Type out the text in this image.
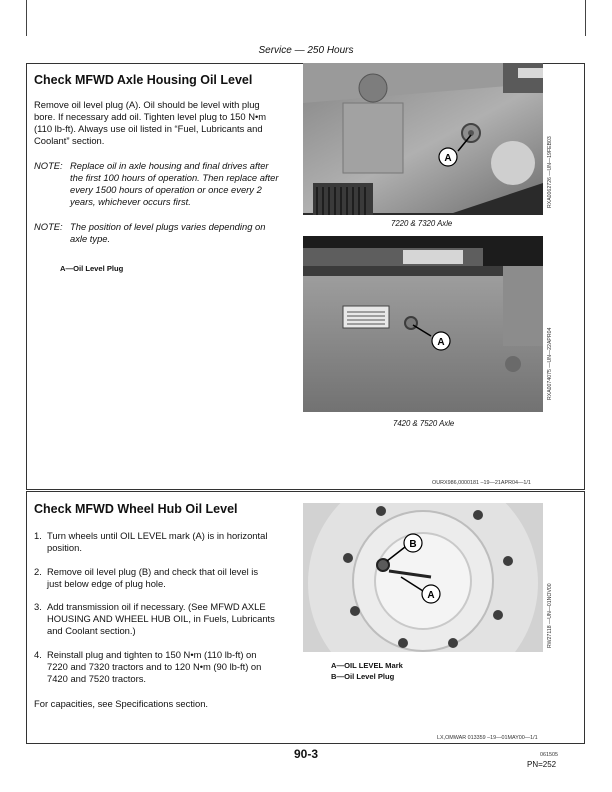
Service — 250 Hours
Check MFWD Axle Housing Oil Level
Remove oil level plug (A). Oil should be level with plug
bore. If necessary add oil. Tighten level plug to 150 N•m
(110 lb-ft). Always use oil listed in “Fuel, Lubricants and
Coolant” section.
NOTE: Replace oil in axle housing and final drives after
the first 100 hours of operation. Then replace after
every 1500 hours of operation or once every 2
years, whichever occurs first.
NOTE: The position of level plugs varies depending on
axle type.
A—Oil Level Plug
A	RXA0062726 —UN—19FEB03
7220 & 7320 Axle
A	RXA0074075 —UN—22APR04
7420 & 7520 Axle
OURX986,0000181 –19—21APR04—1/1
Check MFWD Wheel Hub Oil Level
1. Turn wheels until OIL LEVEL mark (A) is in horizontal
position.
2. Remove oil level plug (B) and check that oil level is
just below edge of plug hole.
3. Add transmission oil if necessary. (See MFWD AXLE
HOUSING AND WHEEL HUB OIL, in Fuels, Lubricants
and Coolant section.)
4. Reinstall plug and tighten to 150 N•m (110 lb-ft) on
7220 and 7320 tractors and to 120 N•m (90 lb-ft) on
7420 and 7520 tractors.
For capacities, see Specifications section.
B
A	RW27118 —UN—01NOV00
A—OIL LEVEL Mark
B—Oil Level Plug
LX,OMWAR 013359 –19—01MAY00—1/1
90-3	061505
PN=252
